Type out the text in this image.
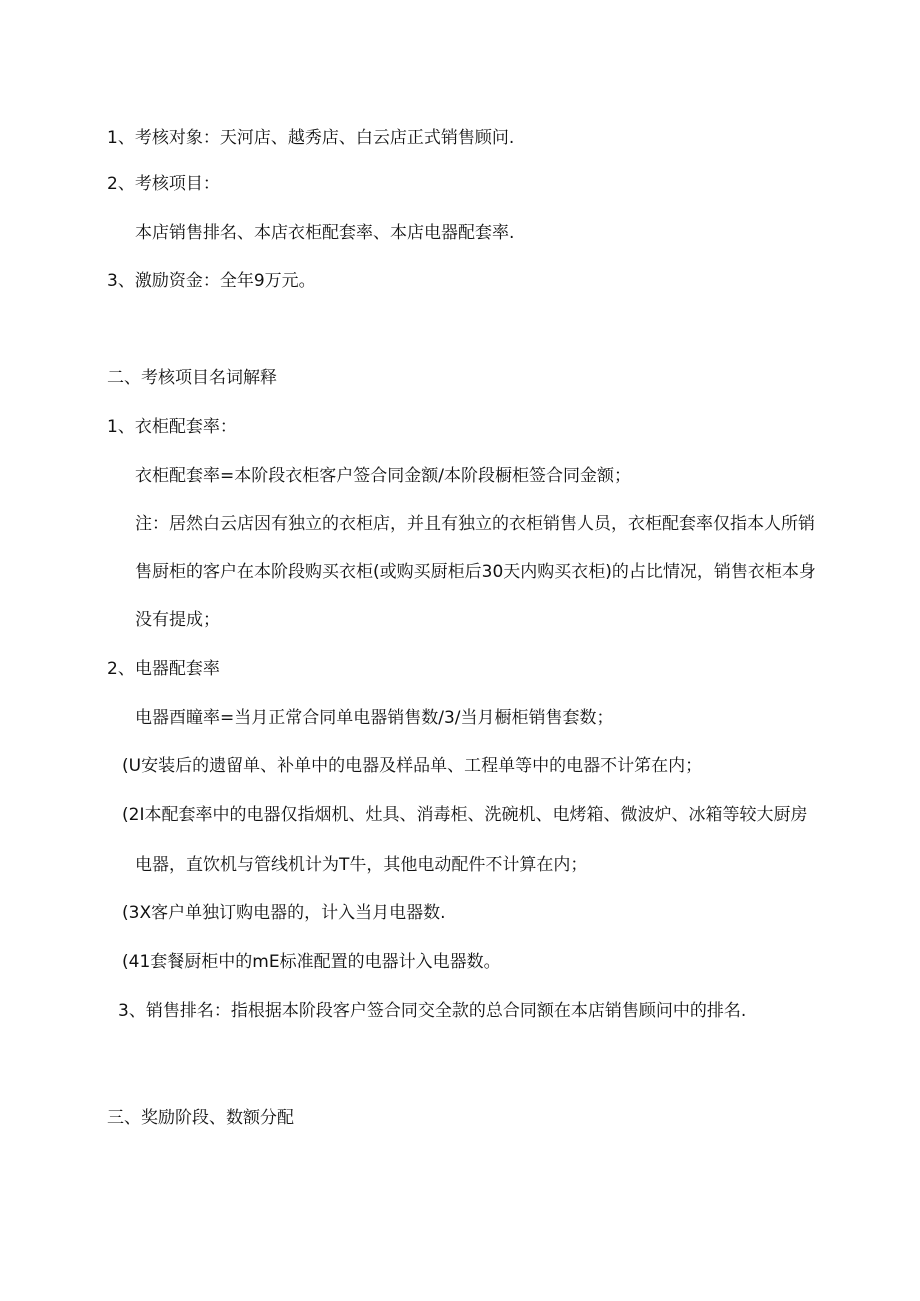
1、考核对象：天河店、越秀店、白云店正式销售顾问.
2、考核项目：
本店销售排名、本店衣柜配套率、本店电器配套率.
3、激励资金：全年9万元。
二、考核项目名词解释
1、衣柜配套率：
衣柜配套率=本阶段衣柜客户签合同金额/本阶段橱柜签合同金额；
注：居然白云店因有独立的衣柜店，并且有独立的衣柜销售人员，衣柜配套率仅指本人所销
售厨柜的客户在本阶段购买衣柜(或购买厨柜后30天内购买衣柜)的占比情况，销售衣柜本身
没有提成；
2、电器配套率
电器酉瞳率=当月正常合同单电器销售数/3/当月橱柜销售套数；
(U安装后的遗留单、补单中的电器及样品单、工程单等中的电器不计笫在内；
(2I本配套率中的电器仅指烟机、灶具、消毒柜、洗碗机、电烤箱、微波炉、冰箱等较大厨房
电器，直饮机与管线机计为T牛，其他电动配件不计算在内；
(3X客户单独订购电器的，计入当月电器数.
(41套餐厨柜中的mE标准配置的电器计入电器数。
3、销售排名：指根据本阶段客户签合同交全款的总合同额在本店销售顾问中的排名.
三、奖励阶段、数额分配
